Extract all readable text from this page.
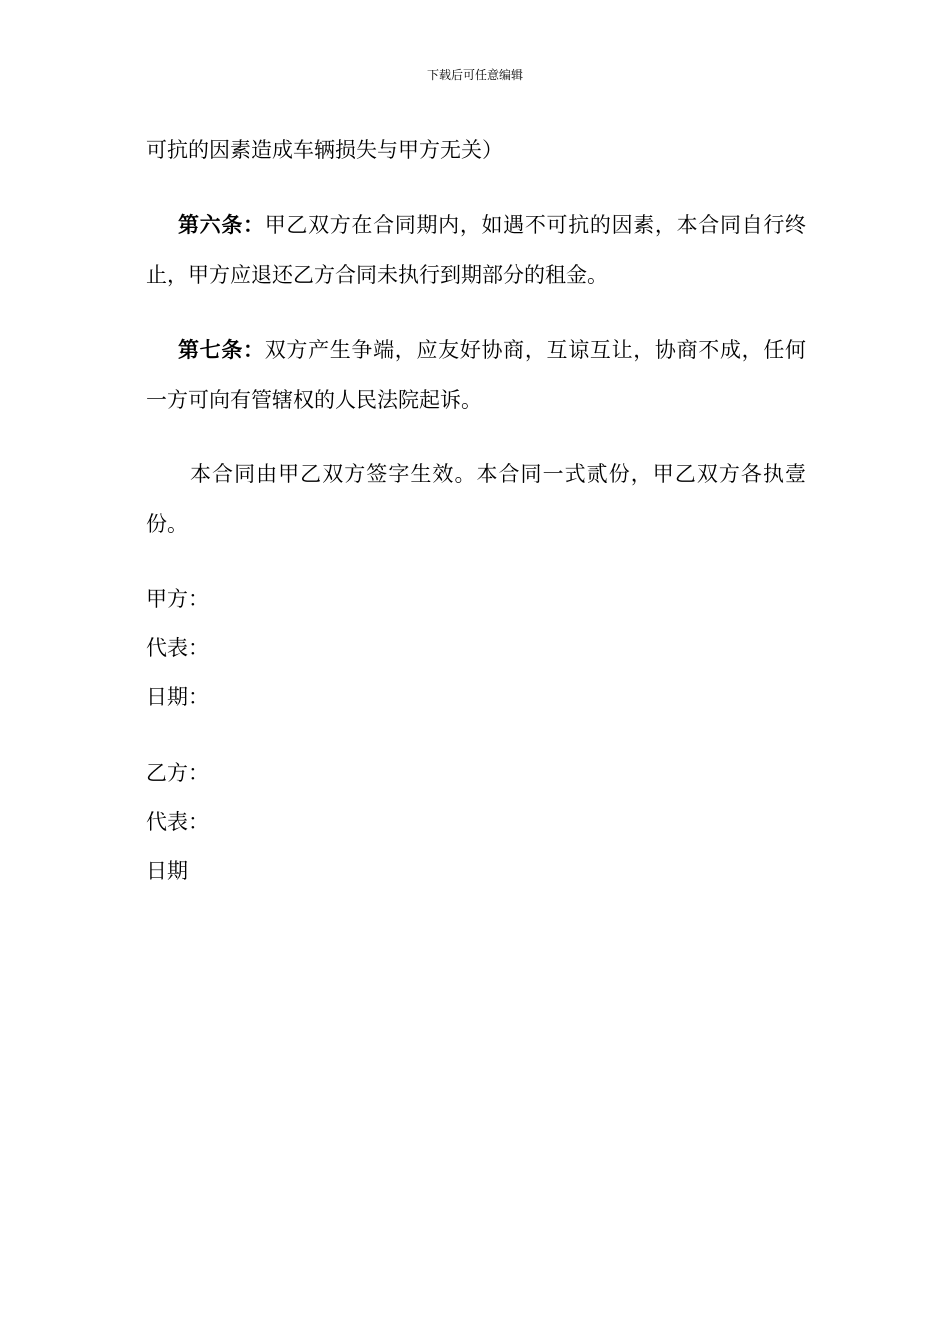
下载后可任意编辑

可抗的因素造成车辆损失与甲方无关）

第六条：甲乙双方在合同期内，如遇不可抗的因素，本合同自行终止，甲方应退还乙方合同未执行到期部分的租金。

第七条：双方产生争端，应友好协商，互谅互让，协商不成，任何一方可向有管辖权的人民法院起诉。

本合同由甲乙双方签字生效。本合同一式贰份，甲乙双方各执壹份。

甲方：

代表：

日期：

乙方：

代表：

日期
